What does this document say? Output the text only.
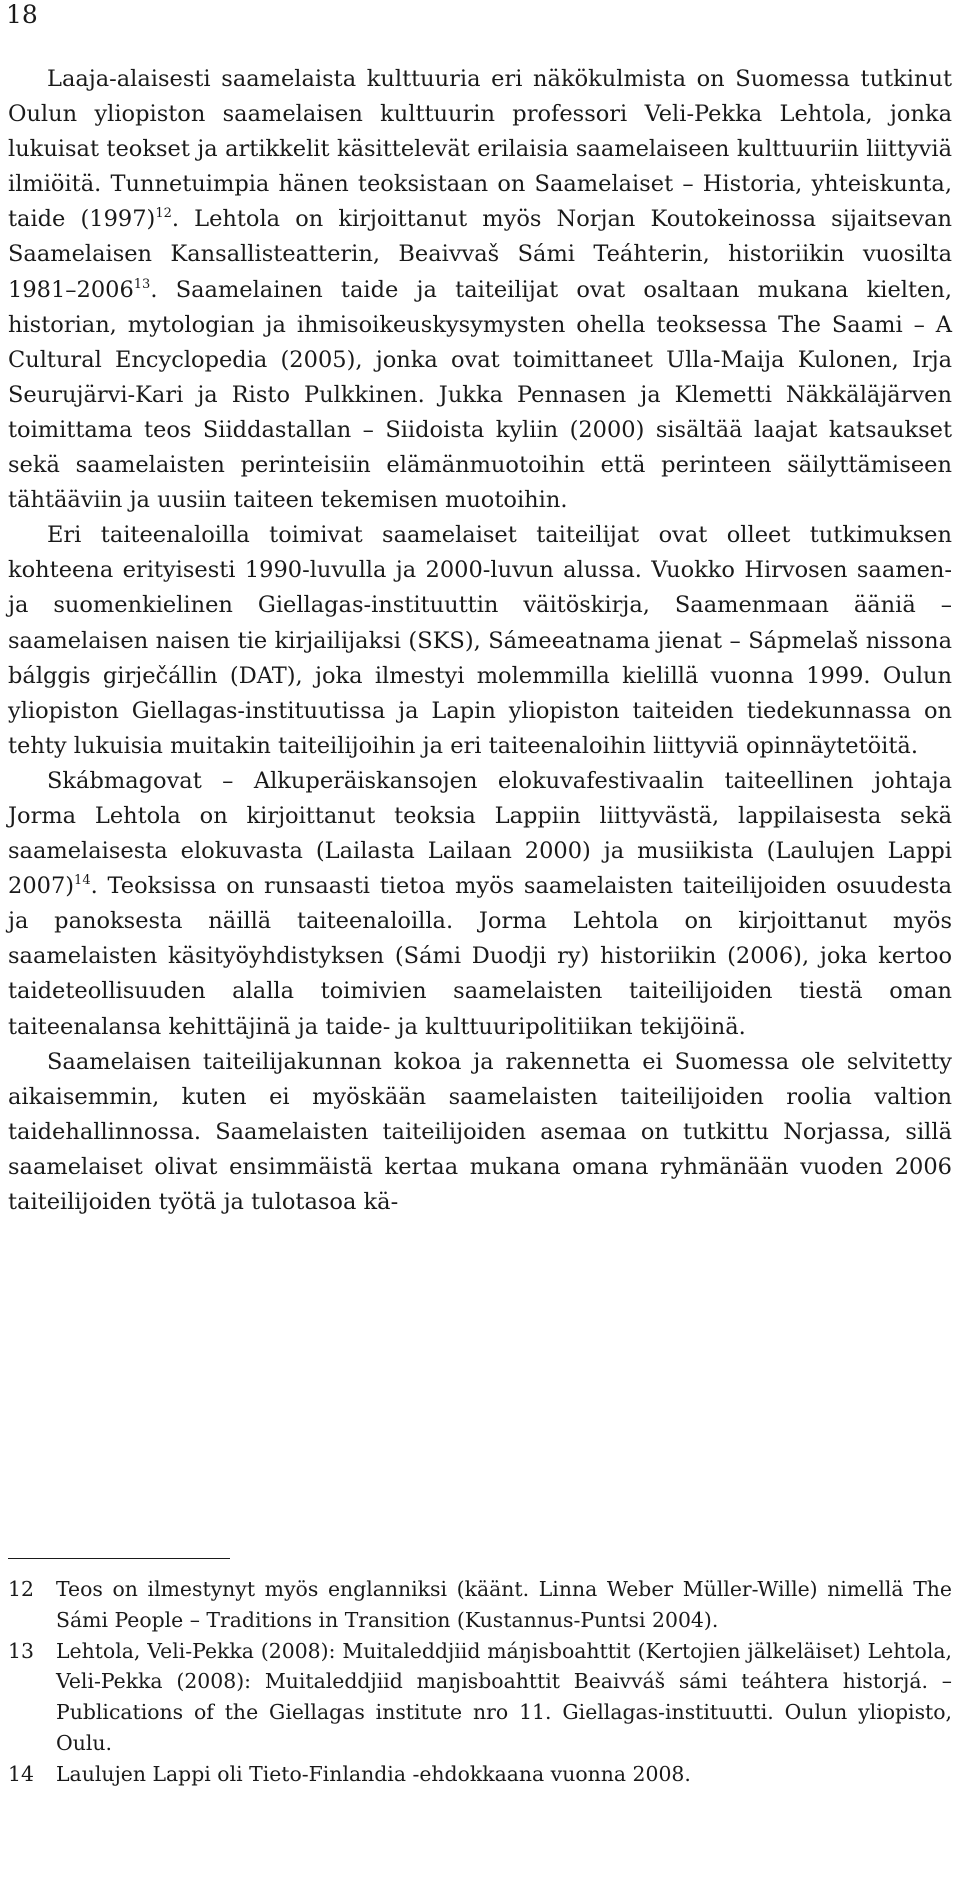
18

Laaja-alaisesti saamelaista kulttuuria eri näkökulmista on Suomessa tutkinut Oulun yliopiston saamelaisen kulttuurin professori Veli-Pekka Lehtola, jonka lukuisat teokset ja artikkelit käsittelevät erilaisia saamelaiseen kulttuuriin liittyviä ilmiöitä. Tunnetuimpia hänen teoksistaan on Saamelaiset – Historia, yhteiskunta, taide $(1997)^{12}$. Lehtola on kirjoittanut myös Norjan Koutokeinossa sijaitsevan Saamelaisen Kansallisteatterin, Beaivvaš Sámi Teáhterin, historiikin vuosilta 1981–2006$^{13}$. Saamelainen taide ja taiteilijat ovat osaltaan mukana kielten, historian, mytologian ja ihmisoikeuskysymysten ohella teoksessa The Saami – A Cultural Encyclopedia (2005), jonka ovat toimittaneet Ulla-Maija Kulonen, Irja Seurujärvi-Kari ja Risto Pulkkinen. Jukka Pennasen ja Klemetti Näkkäläjärven toimittama teos Siiddastallan – Siidoista kyliin (2000) sisältää laajat katsaukset sekä saamelaisten perinteisiin elämänmuotoihin että perinteen säilyttämiseen tähtääviin ja uusiin taiteen tekemisen muotoihin.

Eri taiteenaloilla toimivat saamelaiset taiteilijat ovat olleet tutkimuksen kohteena erityisesti 1990-luvulla ja 2000-luvun alussa. Vuokko Hirvosen saamen- ja suomenkielinen Giellagas-instituuttin väitöskirja, Saamenmaan ääniä – saamelaisen naisen tie kirjailijaksi (SKS), Sámeeatnama jienat – Sápmelaš nissona bálggis girječállin (DAT), joka ilmestyi molemmilla kielillä vuonna 1999. Oulun yliopiston Giellagas-instituutissa ja Lapin yliopiston taiteiden tiedekunnassa on tehty lukuisia muitakin taiteilijoihin ja eri taiteenaloihin liittyviä opinnäytetöitä.

Skábmagovat – Alkuperäiskansojen elokuvafestivaalin taiteellinen johtaja Jorma Lehtola on kirjoittanut teoksia Lappiin liittyvästä, lappilaisesta sekä saamelaisesta elokuvasta (Lailasta Lailaan 2000) ja musiikista (Laulujen Lappi 2007)$^{14}$. Teoksissa on runsaasti tietoa myös saamelaisten taiteilijoiden osuudesta ja panoksesta näillä taiteenaloilla. Jorma Lehtola on kirjoittanut myös saamelaisten käsityöyhdistyksen (Sámi Duodji ry) historiikin (2006), joka kertoo taideteollisuuden alalla toimivien saamelaisten taiteilijoiden tiestä oman taiteenalansa kehittäjinä ja taide- ja kulttuuripolitiikan tekijöinä.

Saamelaisen taiteilijakunnan kokoa ja rakennetta ei Suomessa ole selvitetty aikaisemmin, kuten ei myöskään saamelaisten taiteilijoiden roolia valtion taidehallinnossa. Saamelaisten taiteilijoiden asemaa on tutkittu Norjassa, sillä saamelaiset olivat ensimmäistä kertaa mukana omana ryhmänään vuoden 2006 taiteilijoiden työtä ja tulotasoa kä-

12	Teos on ilmestynyt myös englanniksi (käänt. Linna Weber Müller-Wille) nimellä The Sámi People – Traditions in Transition (Kustannus-Puntsi 2004).
13	Lehtola, Veli-Pekka (2008): Muitaleddjiid máŋisboahttit (Kertojien jälkeläiset) Lehtola, Veli-Pekka (2008): Muitaleddjiid maŋisboahttit Beaivváš sámi teáhtera historjá. – Publications of the Giellagas institute nro 11. Giellagas-instituutti. Oulun yliopisto, Oulu.
14	Laulujen Lappi oli Tieto-Finlandia -ehdokkaana vuonna 2008.
